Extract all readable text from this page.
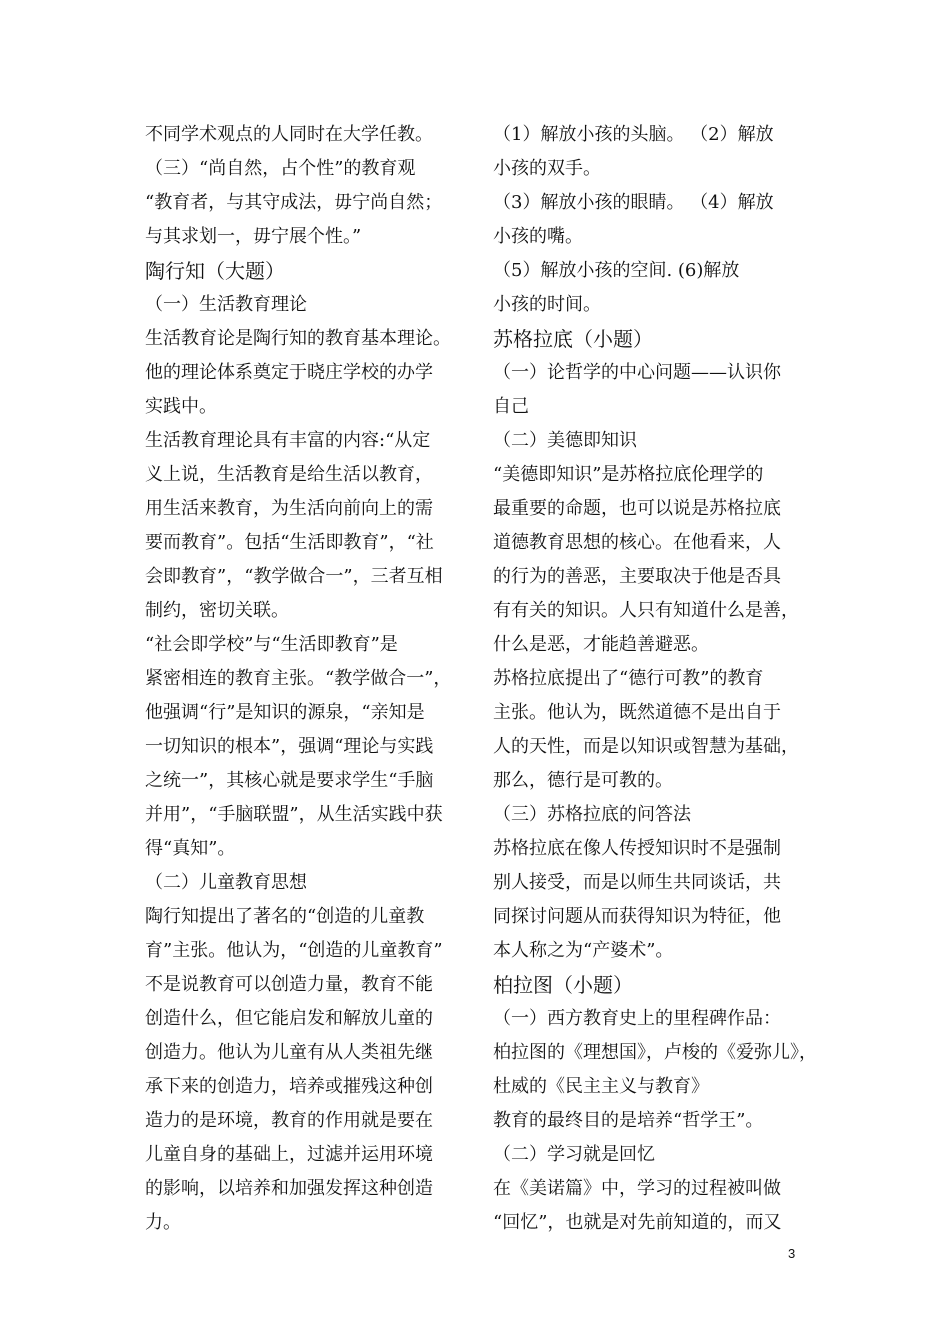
不同学术观点的人同时在大学任教。
（三）“尚自然，占个性”的教育观
“教育者，与其守成法，毋宁尚自然；
与其求划一，毋宁展个性。”
陶行知（大题）
（一）生活教育理论
生活教育论是陶行知的教育基本理论。
他的理论体系奠定于晓庄学校的办学
实践中。
生活教育理论具有丰富的内容:“从定
义上说，生活教育是给生活以教育，
用生活来教育，为生活向前向上的需
要而教育”。包括“生活即教育”，“社
会即教育”，“教学做合一”，三者互相
制约，密切关联。
“社会即学校”与“生活即教育”是
紧密相连的教育主张。“教学做合一”，
他强调“行”是知识的源泉，“亲知是
一切知识的根本”，强调“理论与实践
之统一”，其核心就是要求学生“手脑
并用”，“手脑联盟”，从生活实践中获
得“真知”。
（二）儿童教育思想
陶行知提出了著名的“创造的儿童教
育”主张。他认为，“创造的儿童教育”
不是说教育可以创造力量，教育不能
创造什么，但它能启发和解放儿童的
创造力。他认为儿童有从人类祖先继
承下来的创造力，培养或摧残这种创
造力的是环境，教育的作用就是要在
儿童自身的基础上，过滤并运用环境
的影响，以培养和加强发挥这种创造
力。
（1）解放小孩的头脑。 （2）解放
小孩的双手。
（3）解放小孩的眼睛。 （4）解放
小孩的嘴。
（5）解放小孩的空间. (6)解放
小孩的时间。
苏格拉底（小题）
（一）论哲学的中心问题——认识你
自己
（二）美德即知识
“美德即知识”是苏格拉底伦理学的
最重要的命题，也可以说是苏格拉底
道德教育思想的核心。在他看来，人
的行为的善恶，主要取决于他是否具
有有关的知识。人只有知道什么是善，
什么是恶，才能趋善避恶。
苏格拉底提出了“德行可教”的教育
主张。他认为，既然道德不是出自于
人的天性，而是以知识或智慧为基础，
那么，德行是可教的。
（三）苏格拉底的问答法
苏格拉底在像人传授知识时不是强制
别人接受，而是以师生共同谈话，共
同探讨问题从而获得知识为特征，他
本人称之为“产婆术”。
柏拉图（小题）
（一）西方教育史上的里程碑作品：
柏拉图的《理想国》，卢梭的《爱弥儿》，
杜威的《民主主义与教育》
教育的最终目的是培养“哲学王”。
（二）学习就是回忆
在《美诺篇》中，学习的过程被叫做
“回忆”，也就是对先前知道的，而又
3
